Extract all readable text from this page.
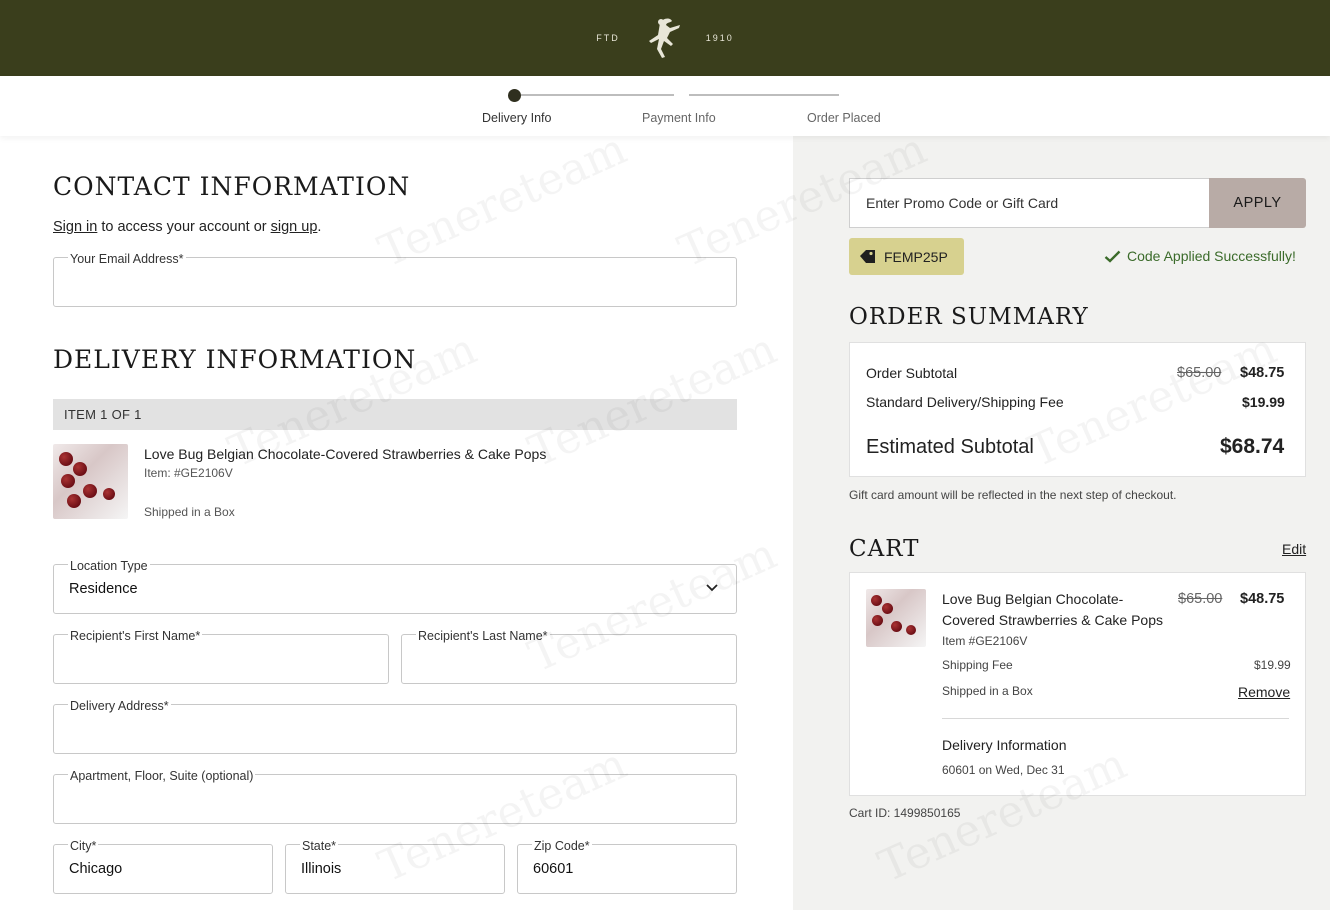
FTD	1910
Delivery Info	Payment Info	Order Placed
CONTACT INFORMATION
Sign in to access your account or sign up.
Your Email Address*
DELIVERY INFORMATION
ITEM 1 OF 1
Love Bug Belgian Chocolate-Covered Strawberries & Cake Pops
Item: #GE2106V
Shipped in a Box
Location Type
Residence
Recipient's First Name*	Recipient's Last Name*
Delivery Address*
Apartment, Floor, Suite (optional)
City*
Chicago
State*
Illinois
Zip Code*
60601
Enter Promo Code or Gift Card	APPLY
FEMP25P	Code Applied Successfully!
ORDER SUMMARY
Order Subtotal	$65.00 $48.75
Standard Delivery/Shipping Fee	$19.99
Estimated Subtotal	$68.74
Gift card amount will be reflected in the next step of checkout.
CART	Edit
Love Bug Belgian Chocolate-
Covered Strawberries & Cake Pops
$65.00 $48.75
Item #GE2106V
Shipping Fee	$19.99
Shipped in a Box	Remove
Delivery Information
60601 on Wed, Dec 31
Cart ID: 1499850165
